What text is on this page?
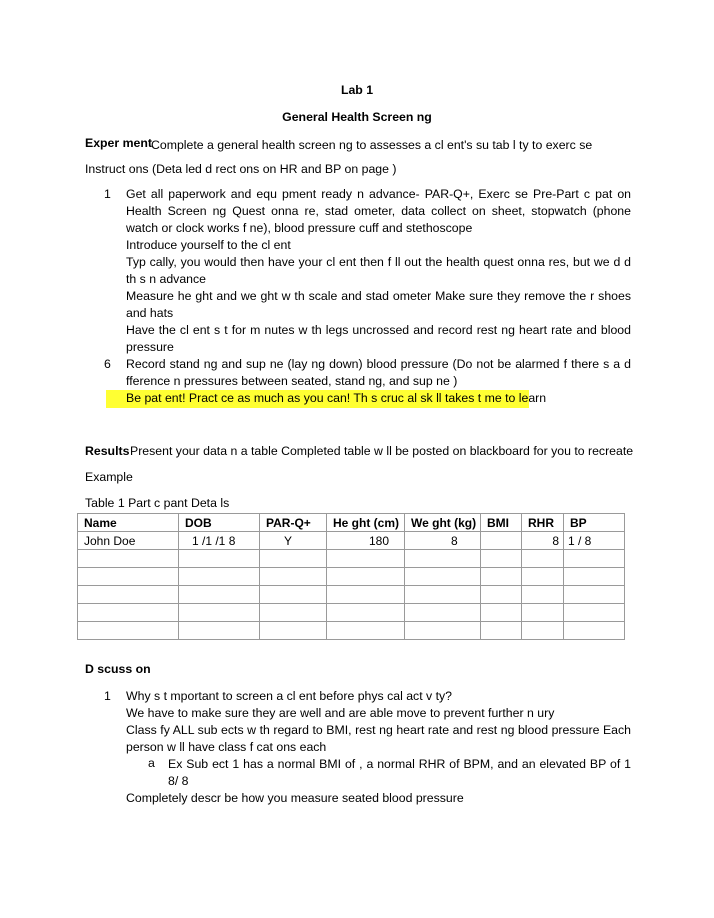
Lab 1
General Health Screen ng
Exper ment Complete a general health screen ng to assesses a cl ent's su tab l ty to exerc se
Instruct ons (Deta led d rect ons on HR and BP on page )
1 Get all paperwork and equ pment ready n advance- PAR-Q+, Exerc se Pre-Part c pat on Health Screen ng Quest onna re, stad ometer, data collect on sheet, stopwatch (phone watch or clock works f ne), blood pressure cuff and stethoscope
Introduce yourself to the cl ent
Typ cally, you would then have your cl ent then f ll out the health quest onna res, but we d d th s n advance
Measure he ght and we ght w th scale and stad ometer Make sure they remove the r shoes and hats
Have the cl ent s t for m nutes w th legs uncrossed and record rest ng heart rate and blood pressure
6 Record stand ng and sup ne (lay ng down) blood pressure (Do not be alarmed f there s a d fference n pressures between seated, stand ng, and sup ne )
Be pat ent! Pract ce as much as you can! Th s cruc al sk ll takes t me to learn
Results Present your data n a table Completed table w ll be posted on blackboard for you to recreate
Example
Table 1 Part c pant Deta ls
Name	DOB	PAR-Q+	He ght (cm)	We ght (kg)	BMI	RHR	BP
John Doe	1 /1 /1 8	Y	180	8		8	1 / 8

D scuss on
1 Why s t mportant to screen a cl ent before phys cal act v ty?
We have to make sure they are well and are able move to prevent further n ury
Class fy ALL sub ects w th regard to BMI, rest ng heart rate and rest ng blood pressure Each person w ll have class f cat ons each
a Ex Sub ect 1 has a normal BMI of , a normal RHR of BPM, and an elevated BP of 1 8/ 8
Completely descr be how you measure seated blood pressure
